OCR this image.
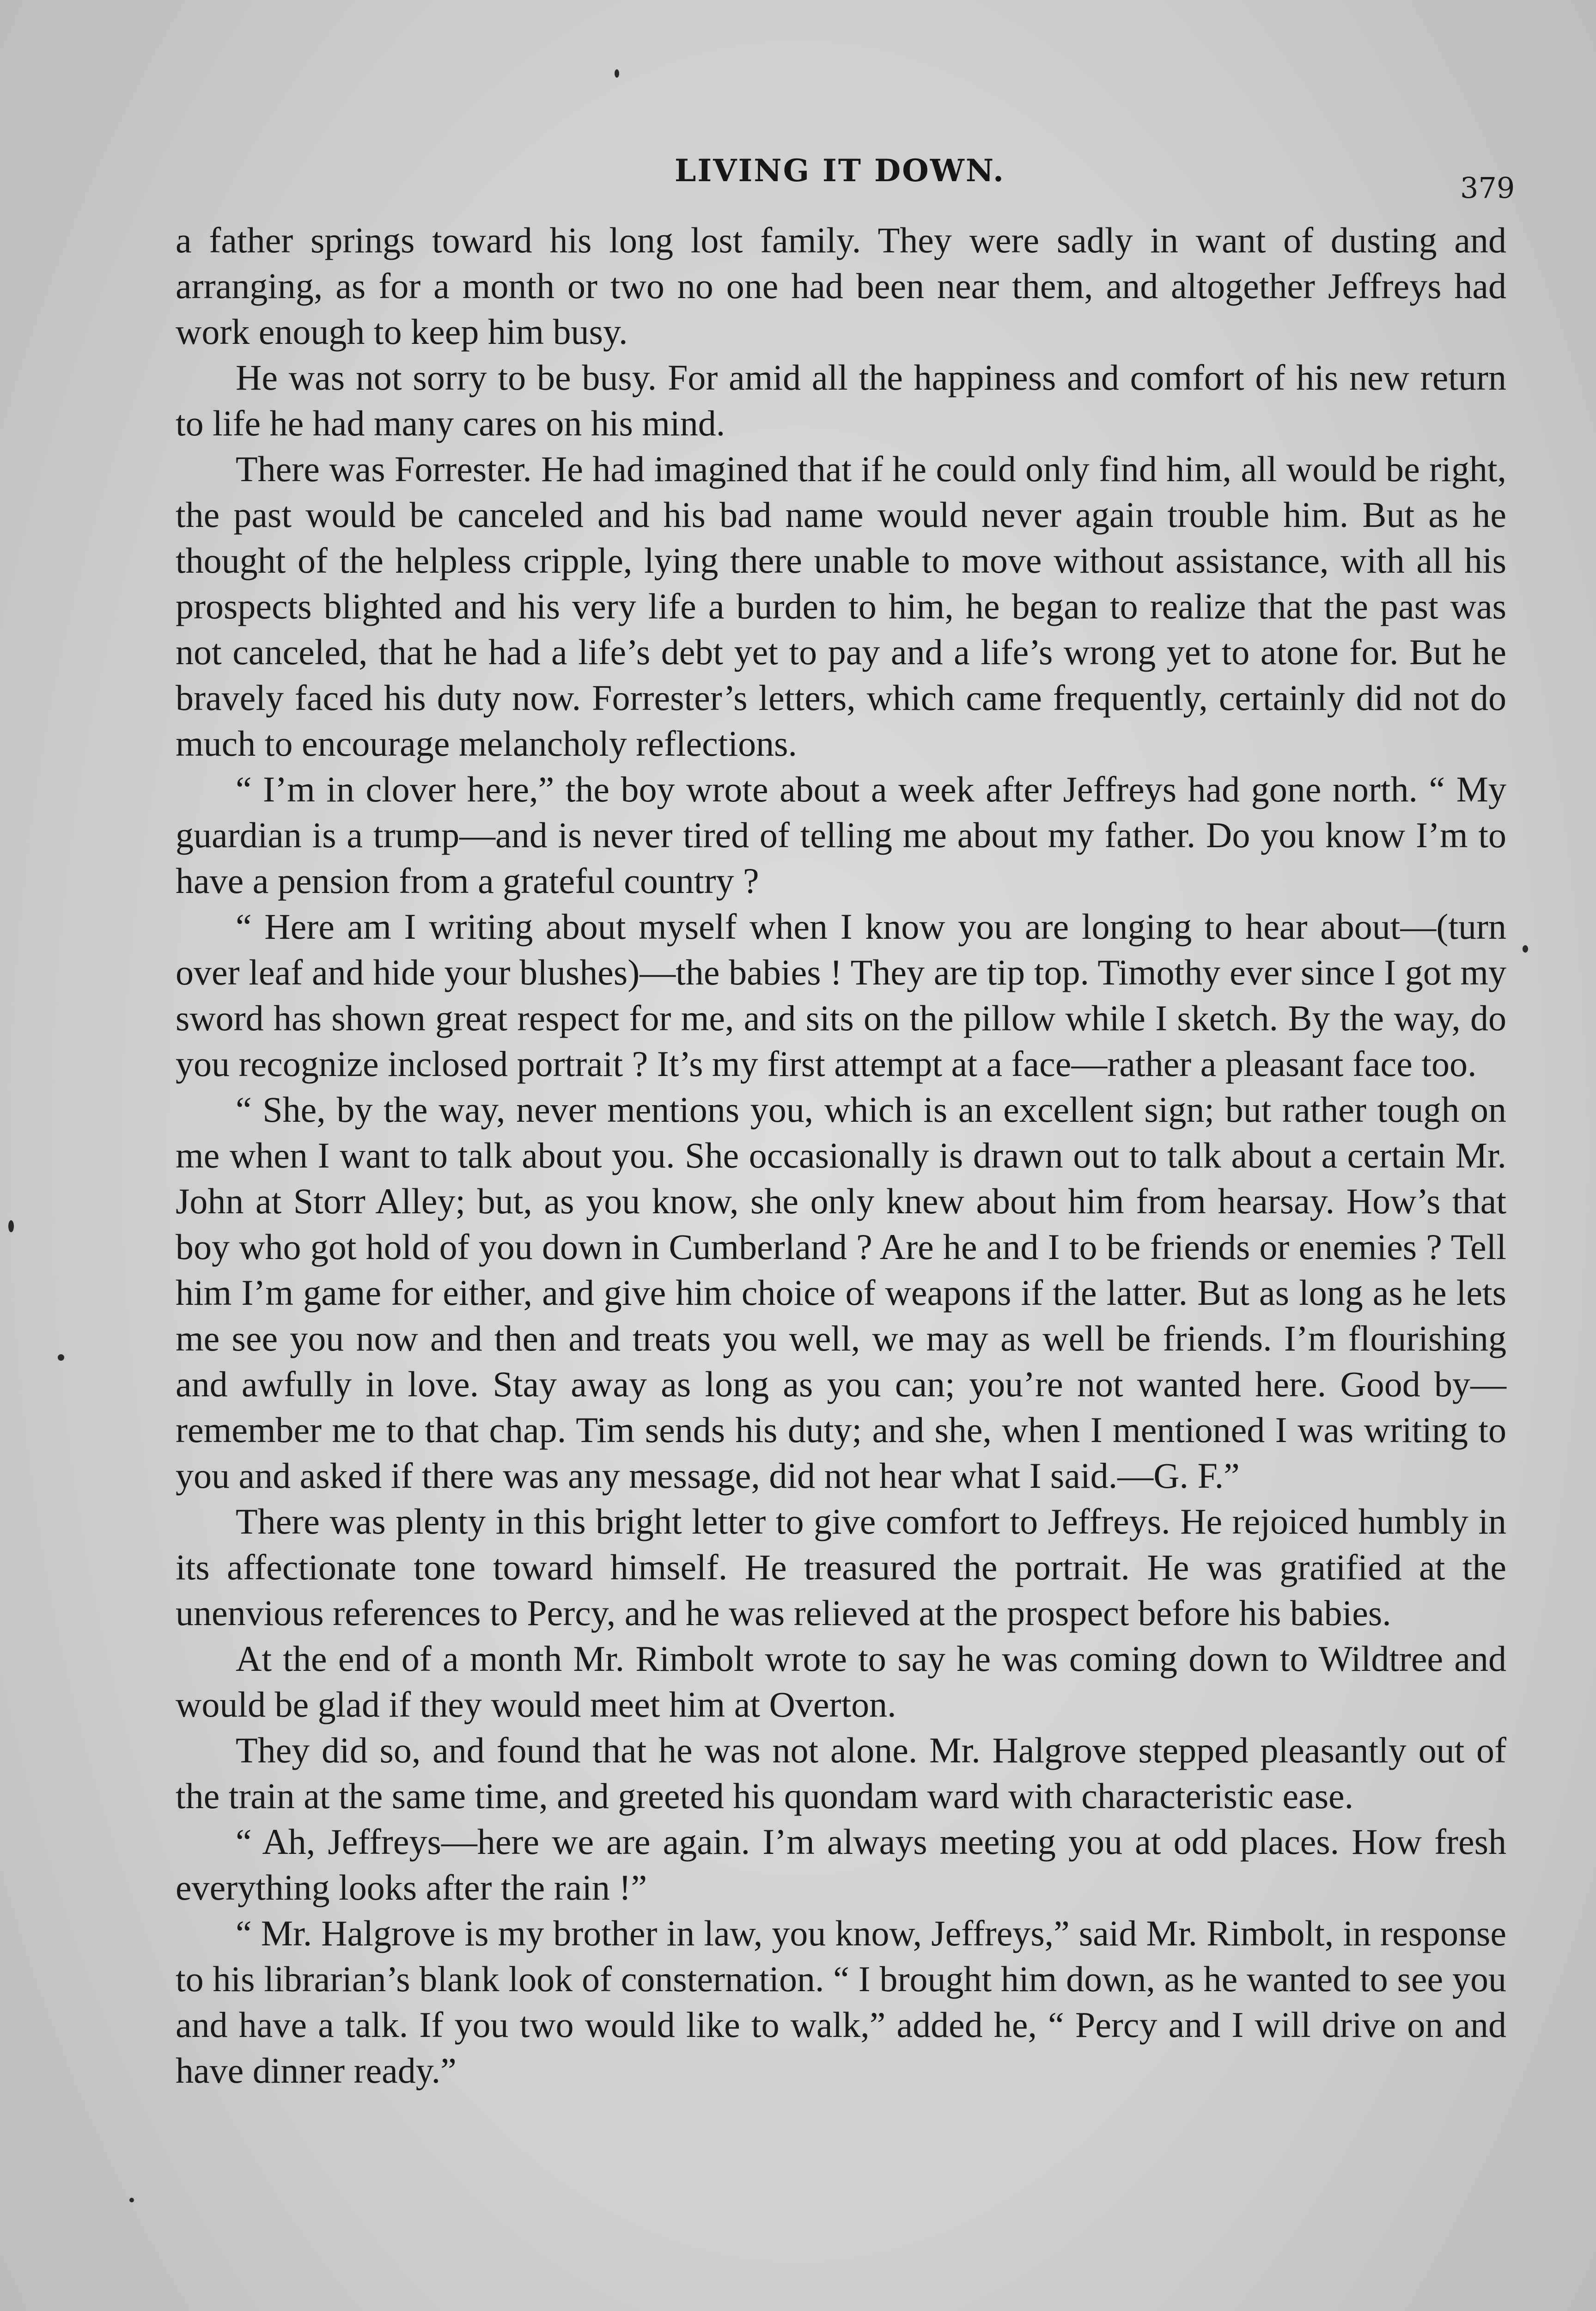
LIVING IT DOWN.	379

a father springs toward his long lost family. They were sadly in want of dusting and arranging, as for a month or two no one had been near them, and altogether Jeffreys had work enough to keep him busy.

He was not sorry to be busy. For amid all the happiness and comfort of his new return to life he had many cares on his mind.

There was Forrester. He had imagined that if he could only find him, all would be right, the past would be canceled and his bad name would never again trouble him. But as he thought of the helpless cripple, lying there unable to move without assistance, with all his prospects blighted and his very life a burden to him, he began to realize that the past was not canceled, that he had a life’s debt yet to pay and a life’s wrong yet to atone for. But he bravely faced his duty now. Forrester’s letters, which came frequently, certainly did not do much to encourage melancholy reflections.

“ I’m in clover here,” the boy wrote about a week after Jeffreys had gone north. “ My guardian is a trump—and is never tired of telling me about my father. Do you know I’m to have a pension from a grateful country ?

“ Here am I writing about myself when I know you are longing to hear about—(turn over leaf and hide your blushes)—the babies ! They are tip top. Timothy ever since I got my sword has shown great respect for me, and sits on the pillow while I sketch. By the way, do you recognize inclosed portrait ? It’s my first attempt at a face—rather a pleasant face too.

“ She, by the way, never mentions you, which is an excellent sign; but rather tough on me when I want to talk about you. She occasionally is drawn out to talk about a certain Mr. John at Storr Alley; but, as you know, she only knew about him from hearsay. How’s that boy who got hold of you down in Cumberland ? Are he and I to be friends or enemies ? Tell him I’m game for either, and give him choice of weapons if the latter. But as long as he lets me see you now and then and treats you well, we may as well be friends. I’m flourishing and awfully in love. Stay away as long as you can; you’re not wanted here. Good by—remember me to that chap. Tim sends his duty; and she, when I mentioned I was writing to you and asked if there was any message, did not hear what I said.—G. F.”

There was plenty in this bright letter to give comfort to Jeffreys. He rejoiced humbly in its affectionate tone toward himself. He treasured the portrait. He was gratified at the unenvious references to Percy, and he was relieved at the prospect before his babies.

At the end of a month Mr. Rimbolt wrote to say he was coming down to Wildtree and would be glad if they would meet him at Overton.

They did so, and found that he was not alone. Mr. Halgrove stepped pleasantly out of the train at the same time, and greeted his quondam ward with characteristic ease.

“ Ah, Jeffreys—here we are again. I’m always meeting you at odd places. How fresh everything looks after the rain !”

“ Mr. Halgrove is my brother in law, you know, Jeffreys,” said Mr. Rimbolt, in response to his librarian’s blank look of consternation. “ I brought him down, as he wanted to see you and have a talk. If you two would like to walk,” added he, “ Percy and I will drive on and have dinner ready.”
